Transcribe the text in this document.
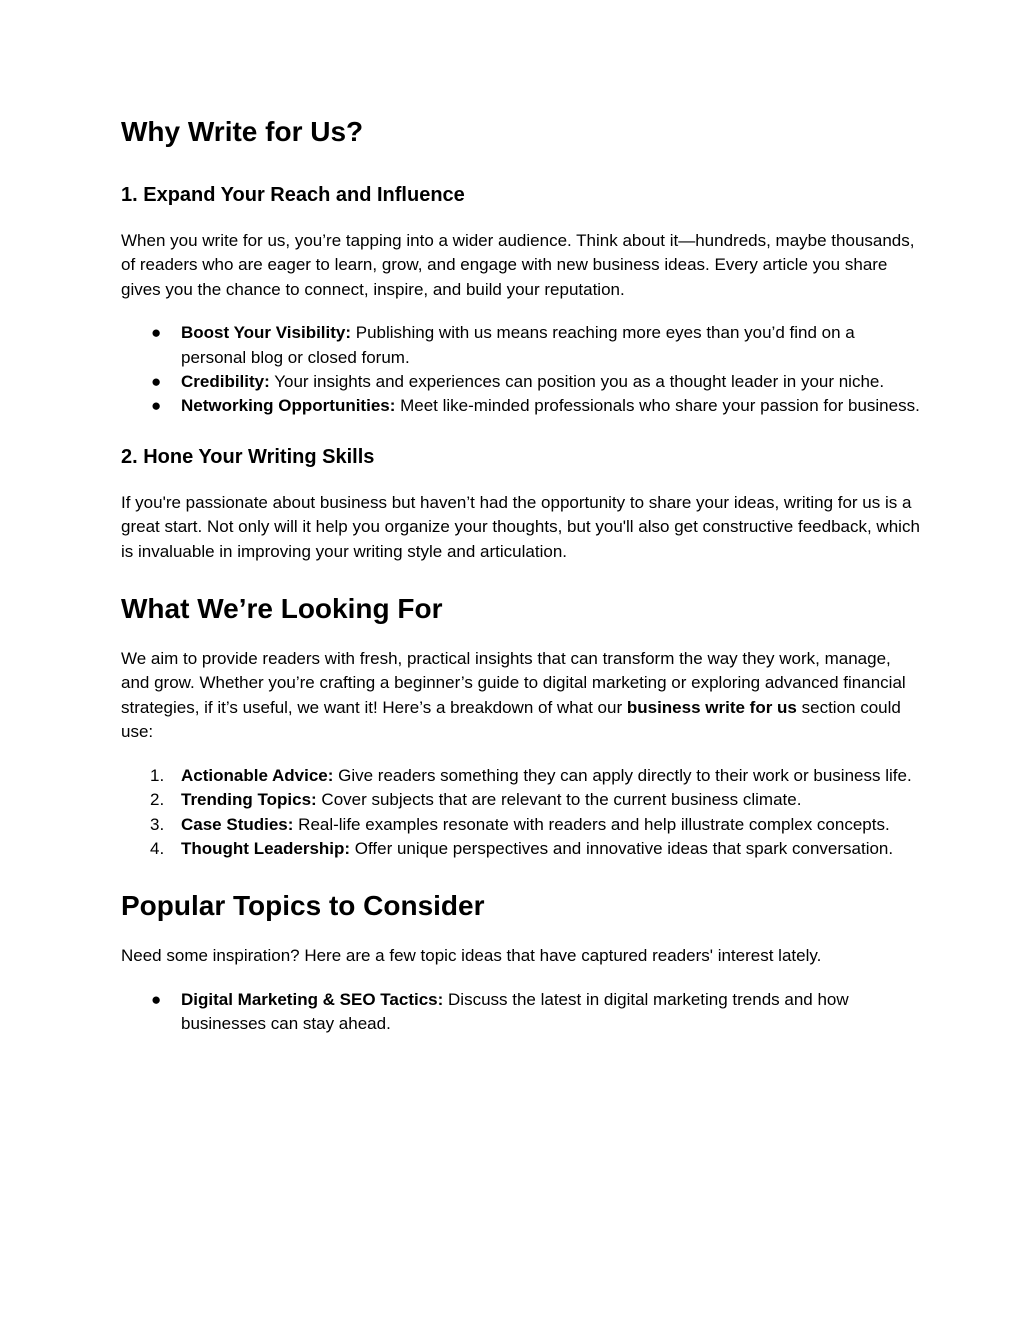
Why Write for Us?
1. Expand Your Reach and Influence

When you write for us, you’re tapping into a wider audience. Think about it—hundreds, maybe thousands, of readers who are eager to learn, grow, and engage with new business ideas. Every article you share gives you the chance to connect, inspire, and build your reputation.

● Boost Your Visibility: Publishing with us means reaching more eyes than you’d find on a personal blog or closed forum.
● Credibility: Your insights and experiences can position you as a thought leader in your niche.
● Networking Opportunities: Meet like-minded professionals who share your passion for business.
2. Hone Your Writing Skills

If you're passionate about business but haven’t had the opportunity to share your ideas, writing for us is a great start. Not only will it help you organize your thoughts, but you'll also get constructive feedback, which is invaluable in improving your writing style and articulation.

What We’re Looking For

We aim to provide readers with fresh, practical insights that can transform the way they work, manage, and grow. Whether you’re crafting a beginner’s guide to digital marketing or exploring advanced financial strategies, if it’s useful, we want it! Here’s a breakdown of what our business write for us section could use:

1. Actionable Advice: Give readers something they can apply directly to their work or business life.
2. Trending Topics: Cover subjects that are relevant to the current business climate.
3. Case Studies: Real-life examples resonate with readers and help illustrate complex concepts.
4. Thought Leadership: Offer unique perspectives and innovative ideas that spark conversation.
Popular Topics to Consider

Need some inspiration? Here are a few topic ideas that have captured readers' interest lately.

● Digital Marketing & SEO Tactics: Discuss the latest in digital marketing trends and how businesses can stay ahead.
